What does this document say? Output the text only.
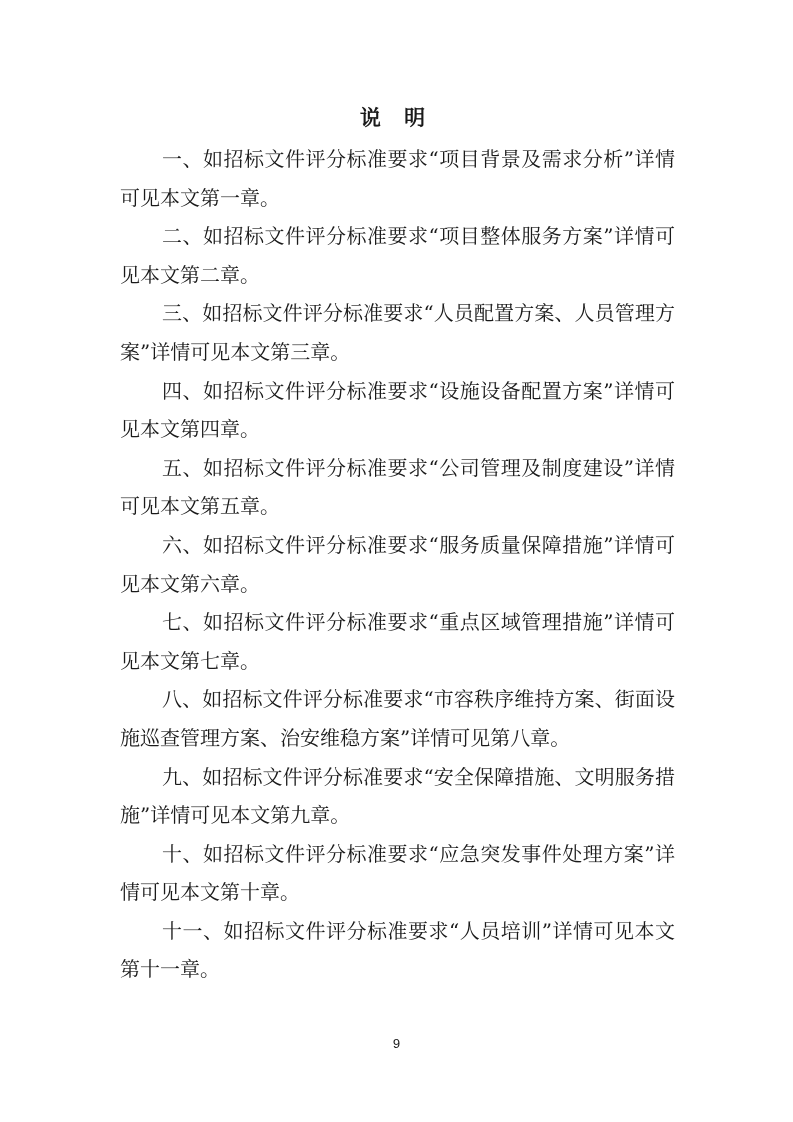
说 明

一、如招标文件评分标准要求“项目背景及需求分析”详情可见本文第一章。

二、如招标文件评分标准要求“项目整体服务方案”详情可见本文第二章。

三、如招标文件评分标准要求“人员配置方案、人员管理方案”详情可见本文第三章。

四、如招标文件评分标准要求“设施设备配置方案”详情可见本文第四章。

五、如招标文件评分标准要求“公司管理及制度建设”详情可见本文第五章。

六、如招标文件评分标准要求“服务质量保障措施”详情可见本文第六章。

七、如招标文件评分标准要求“重点区域管理措施”详情可见本文第七章。

八、如招标文件评分标准要求“市容秩序维持方案、街面设施巡查管理方案、治安维稳方案”详情可见第八章。

九、如招标文件评分标准要求“安全保障措施、文明服务措施”详情可见本文第九章。

十、如招标文件评分标准要求“应急突发事件处理方案”详情可见本文第十章。

十一、如招标文件评分标准要求“人员培训”详情可见本文第十一章。

9
